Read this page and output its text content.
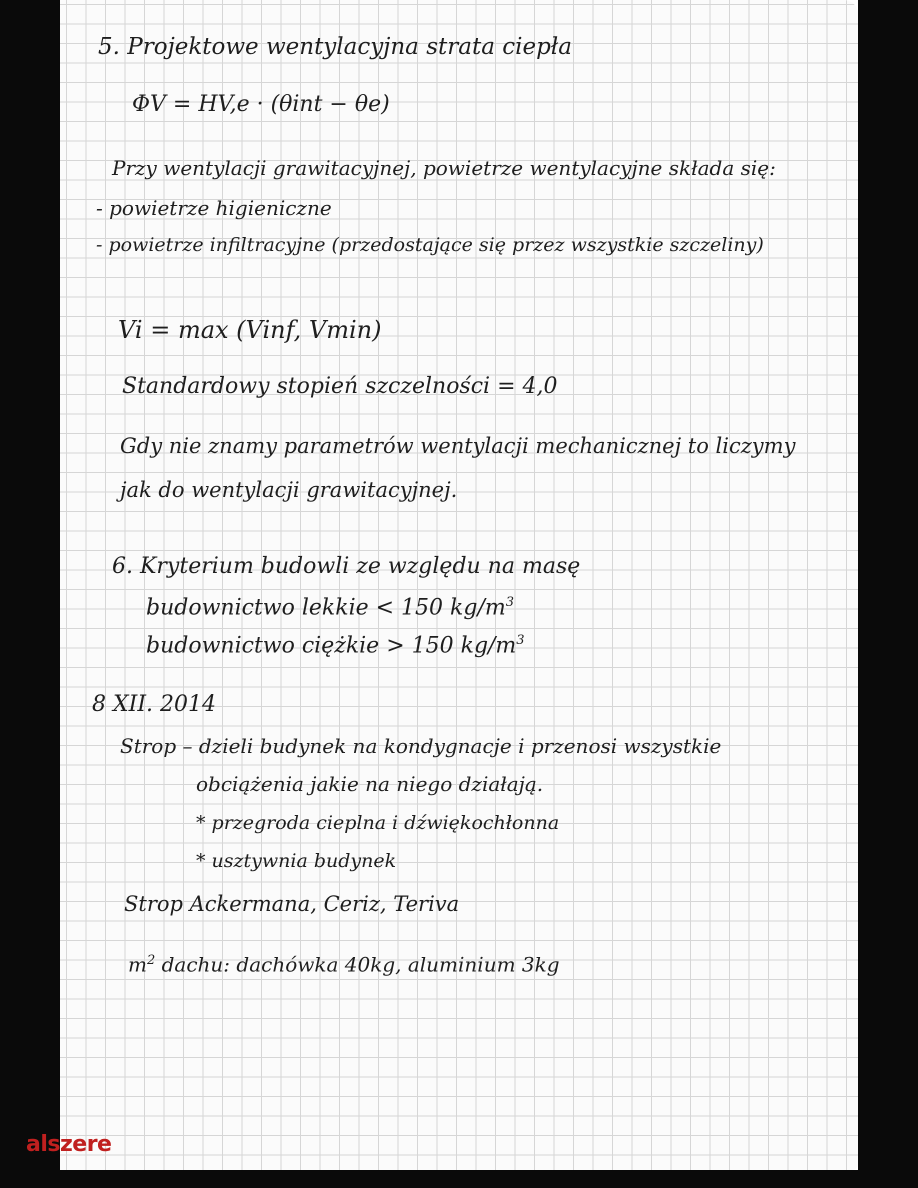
5. Projektowe wentylacyjna strata ciepła
ΦV = HV,e · (θint − θe)
Przy wentylacji grawitacyjnej, powietrze wentylacyjne składa się:
- powietrze higieniczne
- powietrze infiltracyjne (przedostające się przez wszystkie szczeliny)
Vi = max (Vinf, Vmin)
Standardowy stopień szczelności = 4,0
Gdy nie znamy parametrów wentylacji mechanicznej to liczymy
jak do wentylacji grawitacyjnej.
6. Kryterium budowli ze względu na masę
budownictwo lekkie < 150 $kg/m^3$
budownictwo ciężkie > 150 $kg/m^3$
8 XII. 2014
Strop – dzieli budynek na kondygnacje i przenosi wszystkie
obciążenia jakie na niego działają.
* przegroda cieplna i dźwiękochłonna
* usztywnia budynek
Strop Ackermana, Ceriz, Teriva
$m^2$ dachu: dachówka 40kg, aluminium 3kg
alszere
